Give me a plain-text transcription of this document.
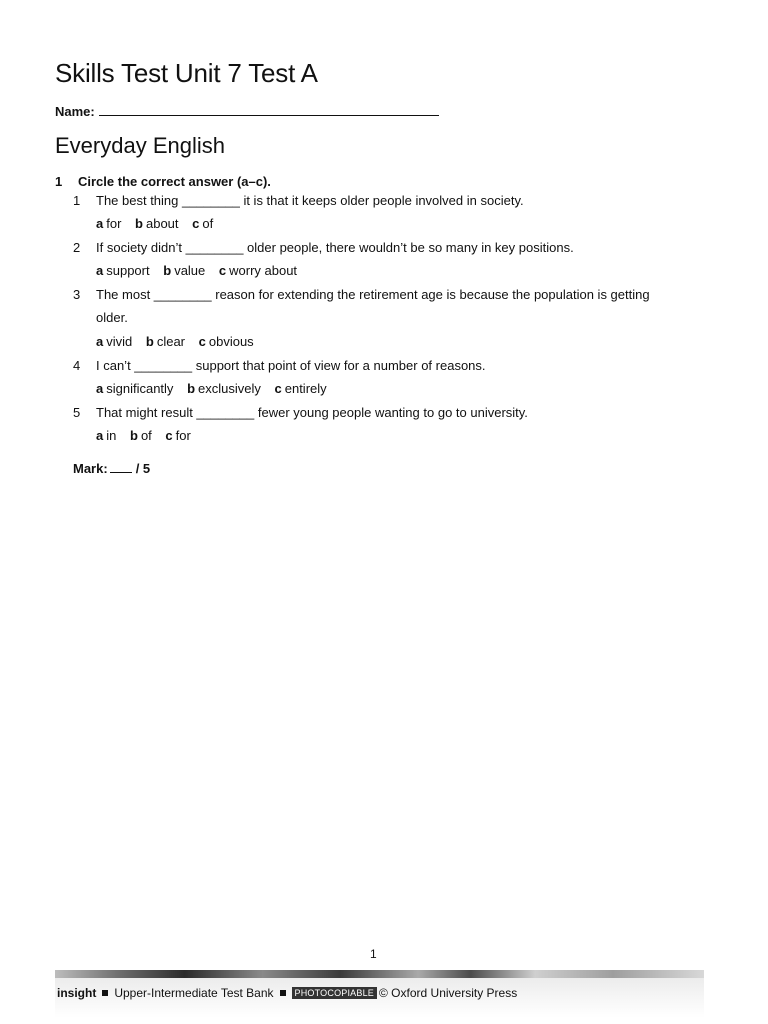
Skills Test Unit 7 Test A
Name:
Everyday English
1 Circle the correct answer (a–c).
1 The best thing ________ it is that it keeps older people involved in society.
a for b about c of
2 If society didn’t ________ older people, there wouldn’t be so many in key positions.
a support b value c worry about
3 The most ________ reason for extending the retirement age is because the population is getting
older.
a vivid b clear c obvious
4 I can’t ________ support that point of view for a number of reasons.
a significantly b exclusively c entirely
5 That might result ________ fewer young people wanting to go to university.
a in b of c for
Mark: / 5
1
insight Upper-Intermediate Test Bank	PHOTOCOPIABLE © Oxford University Press
